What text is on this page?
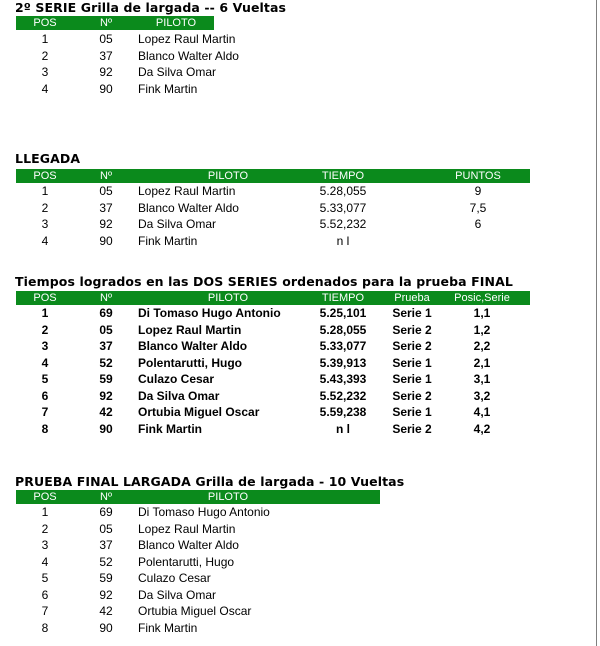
2º SERIE Grilla de largada -- 6 Vueltas
POS	Nº	PILOTO
1	05	Lopez Raul Martin
2	37	Blanco Walter Aldo
3	92	Da Silva Omar
4	90	Fink Martin
LLEGADA
POS	Nº	PILOTO	TIEMPO	PUNTOS
1	05	Lopez Raul Martin	5.28,055	9
2	37	Blanco Walter Aldo	5.33,077	7,5
3	92	Da Silva Omar	5.52,232	6
4	90	Fink Martin	n l
Tiempos logrados en las DOS SERIES ordenados para la prueba FINAL
POS	Nº	PILOTO	TIEMPO	Prueba	Posic,Serie
1	69	Di Tomaso Hugo Antonio	5.25,101	Serie 1	1,1
2	05	Lopez Raul Martin	5.28,055	Serie 2	1,2
3	37	Blanco Walter Aldo	5.33,077	Serie 2	2,2
4	52	Polentarutti, Hugo	5.39,913	Serie 1	2,1
5	59	Culazo Cesar	5.43,393	Serie 1	3,1
6	92	Da Silva Omar	5.52,232	Serie 2	3,2
7	42	Ortubia Miguel Oscar	5.59,238	Serie 1	4,1
8	90	Fink Martin	n l	Serie 2	4,2
PRUEBA FINAL LARGADA Grilla de largada - 10 Vueltas
POS	Nº	PILOTO
1	69	Di Tomaso Hugo Antonio
2	05	Lopez Raul Martin
3	37	Blanco Walter Aldo
4	52	Polentarutti, Hugo
5	59	Culazo Cesar
6	92	Da Silva Omar
7	42	Ortubia Miguel Oscar
8	90	Fink Martin
